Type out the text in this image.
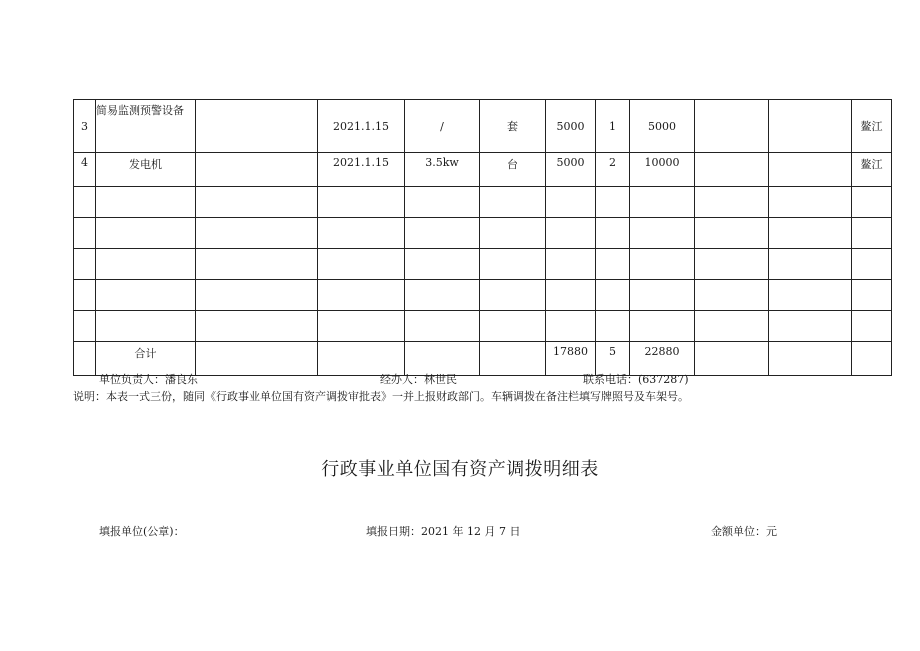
3	简易监测预警设备		2021.1.15	/	套	5000	1	5000			鳌江
4	发电机		2021.1.15	3.5kw	台	5000	2	10000			鳌江

	合计					17880	5	22880			
单位负责人：潘良东	经办人：林世民	联系电话：(637287)
说明：本表一式三份，随同《行政事业单位国有资产调拨审批表》一并上报财政部门。车辆调拨在备注栏填写牌照号及车架号。
行政事业单位国有资产调拨明细表
填报单位(公章)：	填报日期：2021 年 12 月 7 日	金额单位：元
